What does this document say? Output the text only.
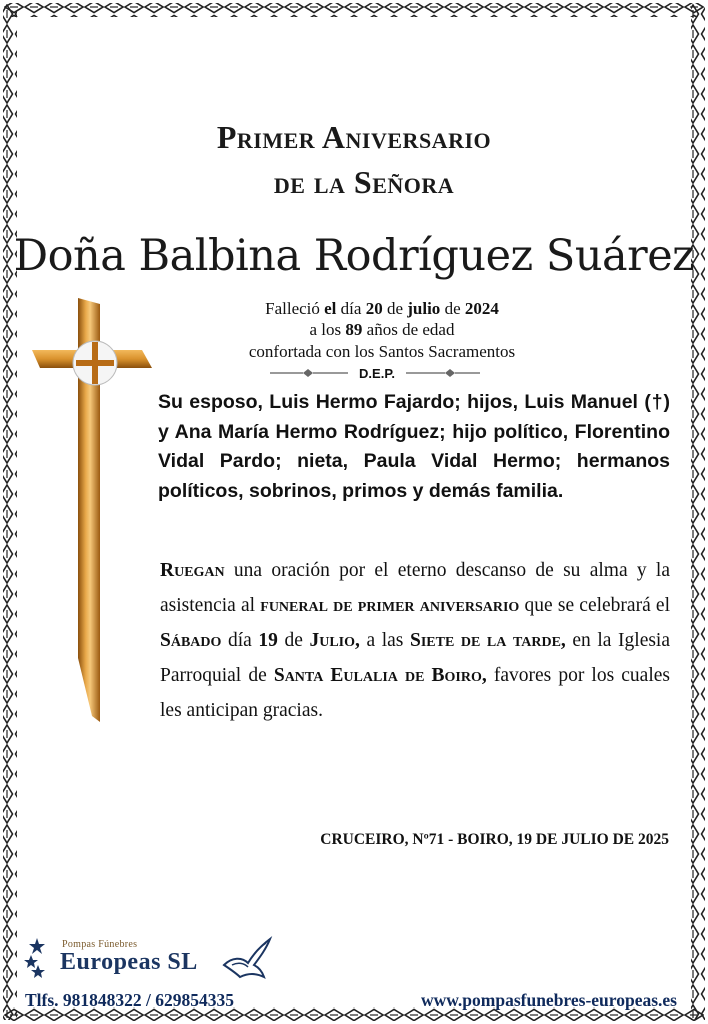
Primer Aniversario
de la Señora
Doña Balbina Rodríguez Suárez
Falleció el día 20 de julio de 2024
a los 89 años de edad
confortada con los Santos Sacramentos
D.E.P.
Su esposo, Luis Hermo Fajardo; hijos, Luis Manuel (†) y Ana María Hermo Rodríguez; hijo político, Florentino Vidal Pardo; nieta, Paula Vidal Hermo; hermanos políticos, sobrinos, primos y demás familia.
Ruegan una oración por el eterno descanso de su alma y la asistencia al funeral de primer aniversario que se celebrará el Sábado día 19 de Julio, a las Siete de la tarde, en la Iglesia Parroquial de Santa Eulalia de Boiro, favores por los cuales les anticipan gracias.
CRUCEIRO, Nº71 - BOIRO, 19 DE JULIO DE 2025
Pompas Fúnebres
Europeas SL
Tlfs. 981848322 / 629854335	www.pompasfunebres-europeas.es
